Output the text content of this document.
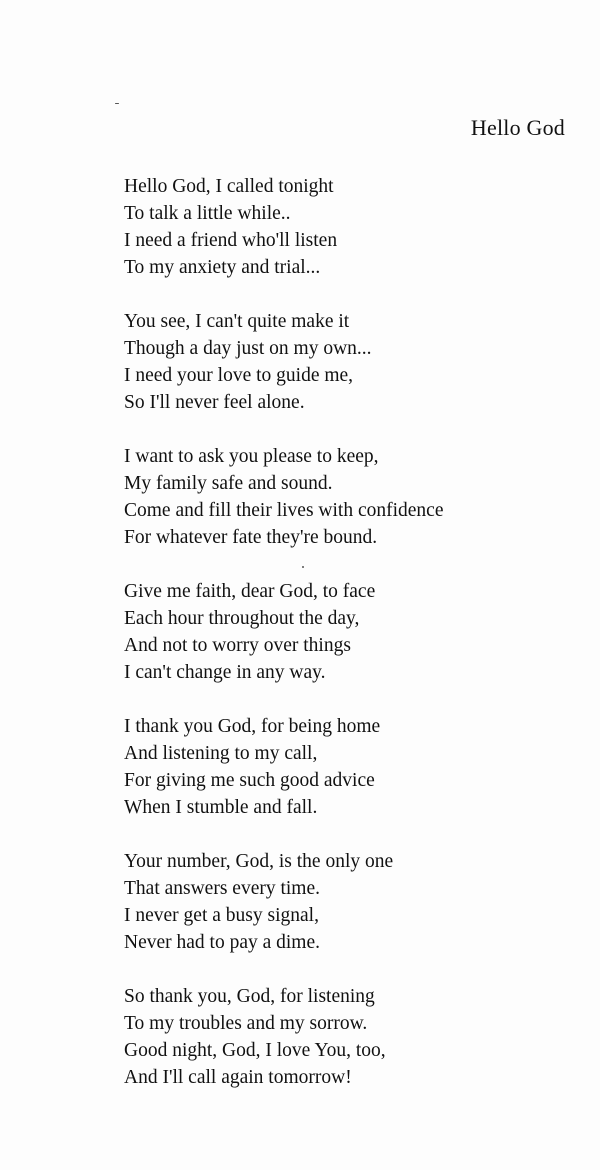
Hello God
Hello God, I called tonight
To talk a little while..
I need a friend who'll listen
To my anxiety and trial...
You see, I can't quite make it
Though a day just on my own...
I need your love to guide me,
So I'll never feel alone.
I want to ask you please to keep,
My family safe and sound.
Come and fill their lives with confidence
For whatever fate they're bound.
Give me faith, dear God, to face
Each hour throughout the day,
And not to worry over things
I can't change in any way.
I thank you God, for being home
And listening to my call,
For giving me such good advice
When I stumble and fall.
Your number, God, is the only one
That answers every time.
I never get a busy signal,
Never had to pay a dime.
So thank you, God, for listening
To my troubles and my sorrow.
Good night, God, I love You, too,
And I'll call again tomorrow!
